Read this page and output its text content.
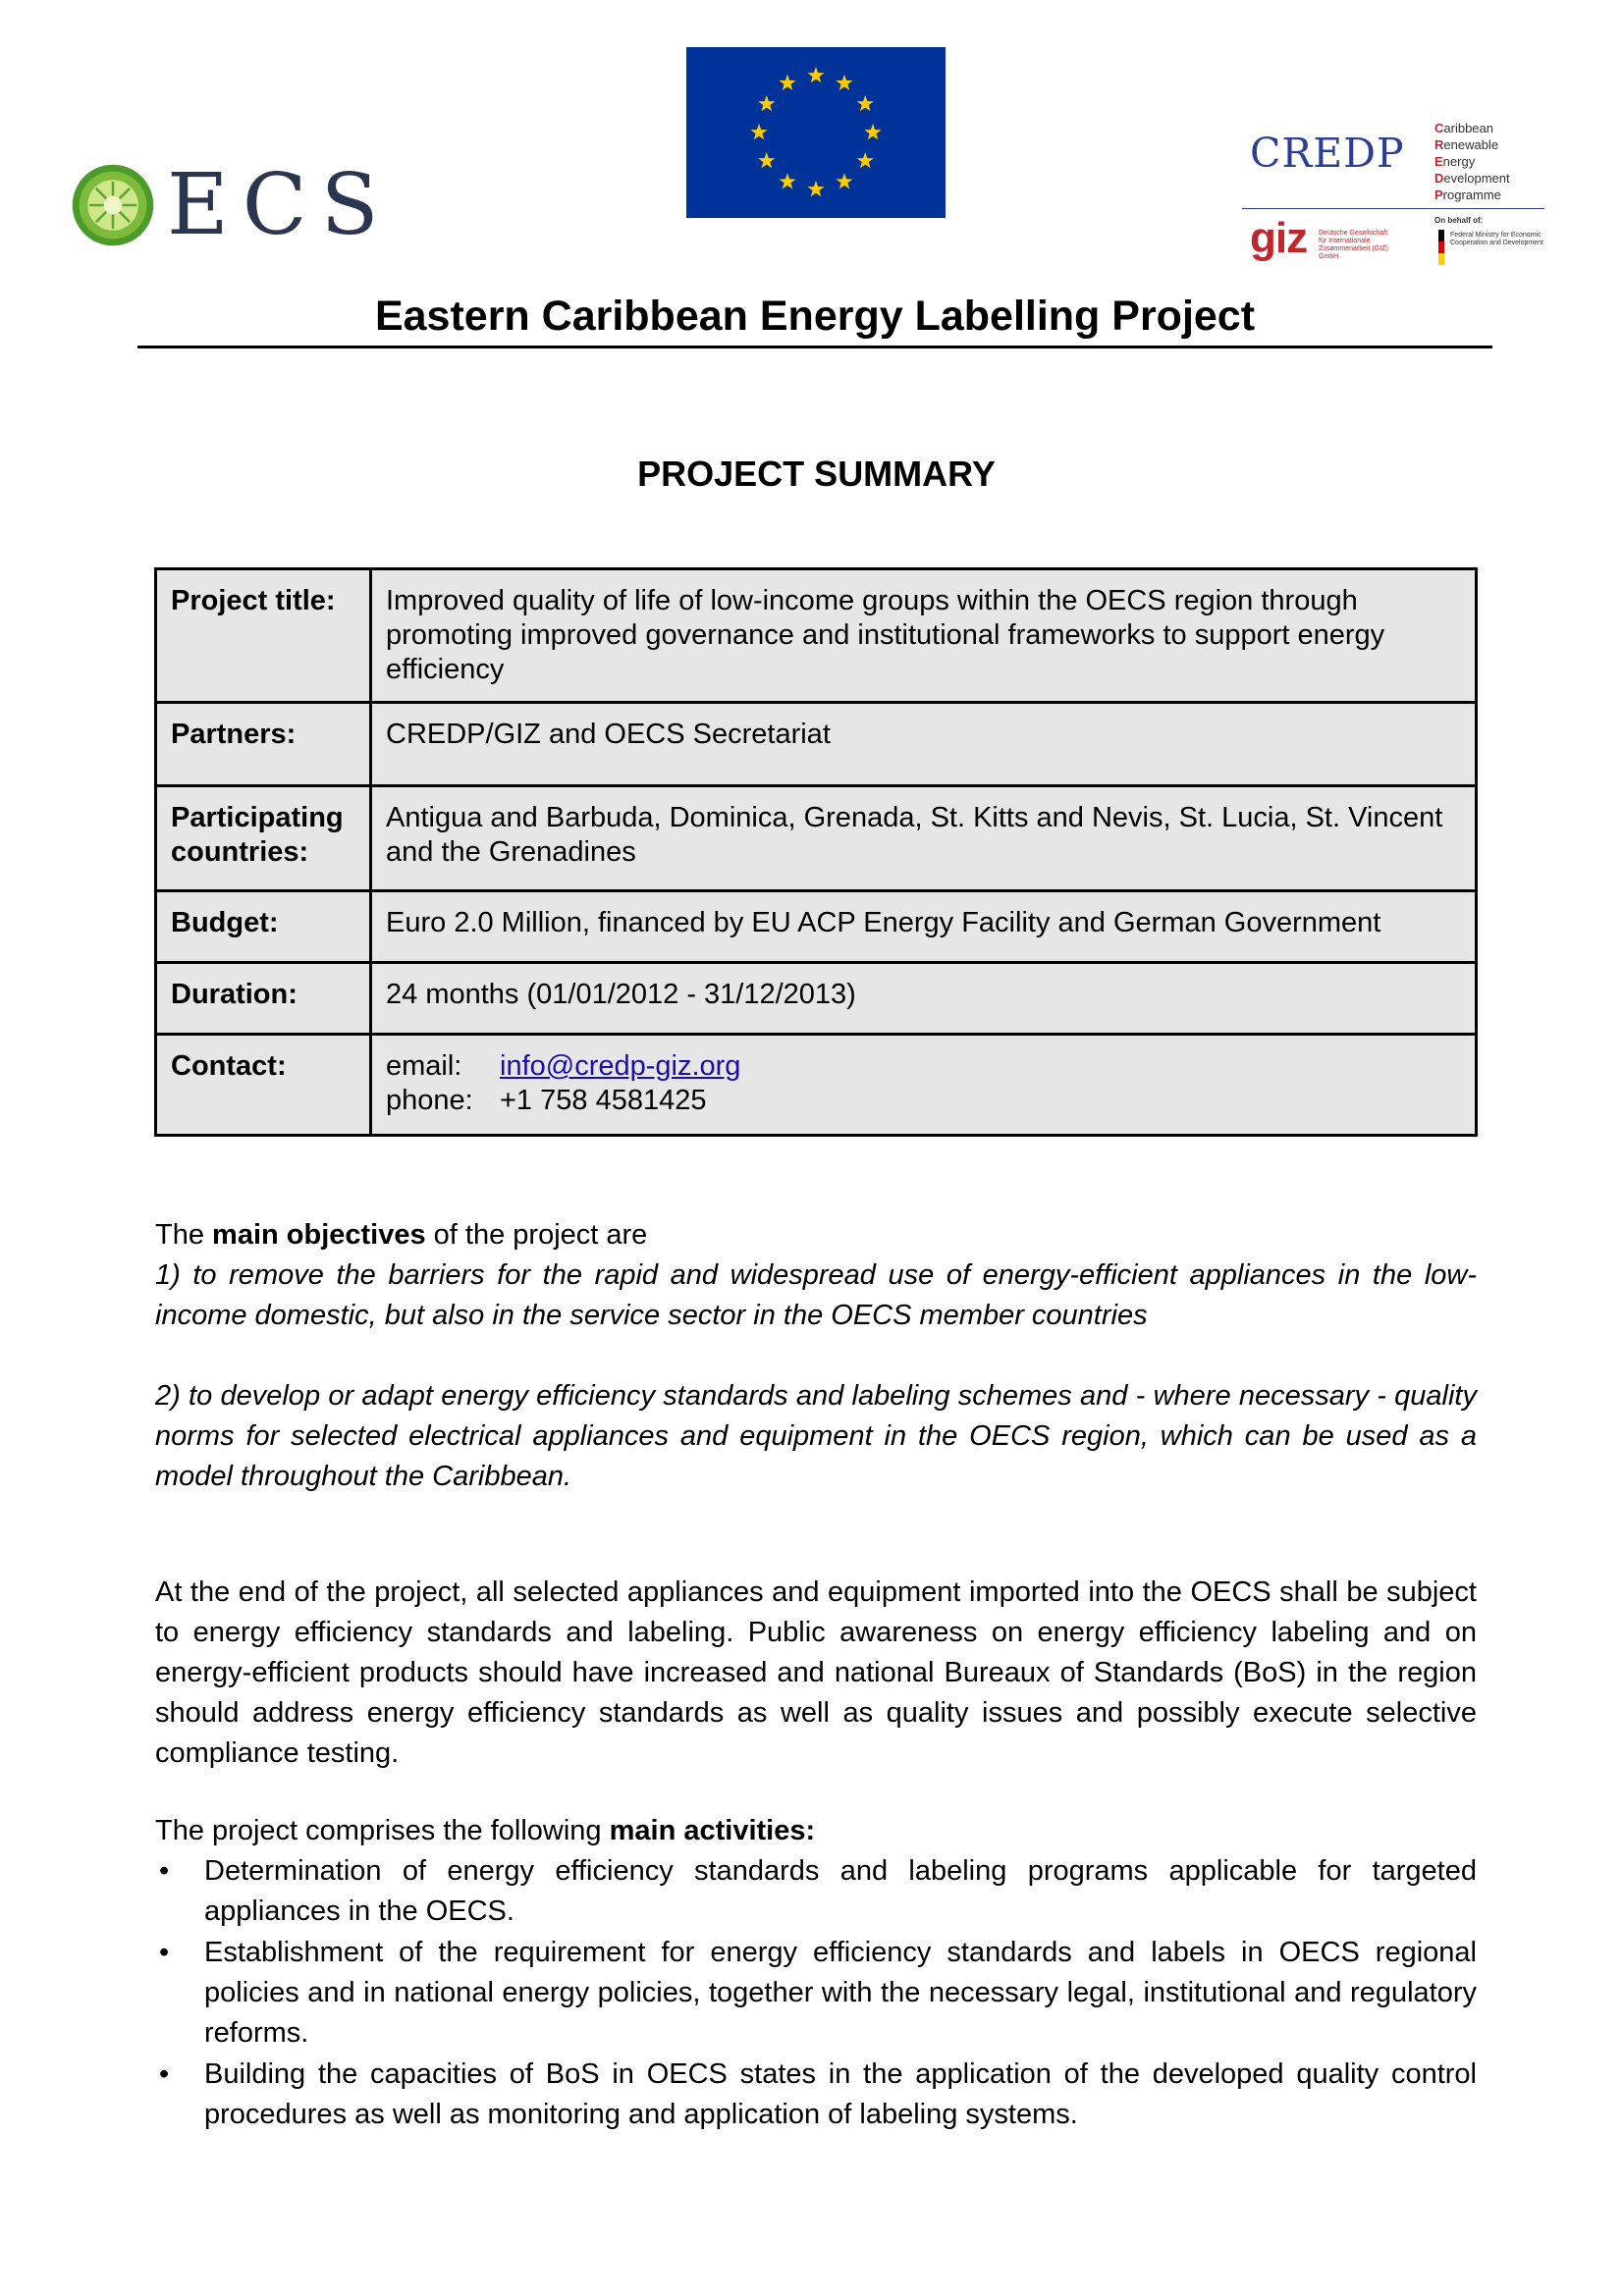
ECS
CREDP
Caribbean
Renewable
Energy
Development
Programme
giz Deutsche Gesellschaft für Internationale Zusammenarbeit (GIZ) GmbH
On behalf of:
Federal Ministry for Economic Cooperation and Development
Eastern Caribbean Energy Labelling Project
PROJECT SUMMARY
Project title:	Improved quality of life of low-income groups within the OECS region through promoting improved governance and institutional frameworks to support energy efficiency
Partners:	CREDP/GIZ and OECS Secretariat
Participating countries:	Antigua and Barbuda, Dominica, Grenada, St. Kitts and Nevis, St. Lucia, St. Vincent and the Grenadines
Budget:	Euro 2.0 Million, financed by EU ACP Energy Facility and German Government
Duration:	24 months (01/01/2012 - 31/12/2013)
Contact:	email: info@credp-giz.org
phone: +1 758 4581425
The main objectives of the project are
1) to remove the barriers for the rapid and widespread use of energy-efficient appliances in the low-income domestic, but also in the service sector in the OECS member countries
2) to develop or adapt energy efficiency standards and labeling schemes and - where necessary - quality norms for selected electrical appliances and equipment in the OECS region, which can be used as a model throughout the Caribbean.
At the end of the project, all selected appliances and equipment imported into the OECS shall be subject to energy efficiency standards and labeling. Public awareness on energy efficiency labeling and on energy-efficient products should have increased and national Bureaux of Standards (BoS) in the region should address energy efficiency standards as well as quality issues and possibly execute selective compliance testing.
The project comprises the following main activities:
• Determination of energy efficiency standards and labeling programs applicable for targeted appliances in the OECS.
• Establishment of the requirement for energy efficiency standards and labels in OECS regional policies and in national energy policies, together with the necessary legal, institutional and regulatory reforms.
• Building the capacities of BoS in OECS states in the application of the developed quality control procedures as well as monitoring and application of labeling systems.
